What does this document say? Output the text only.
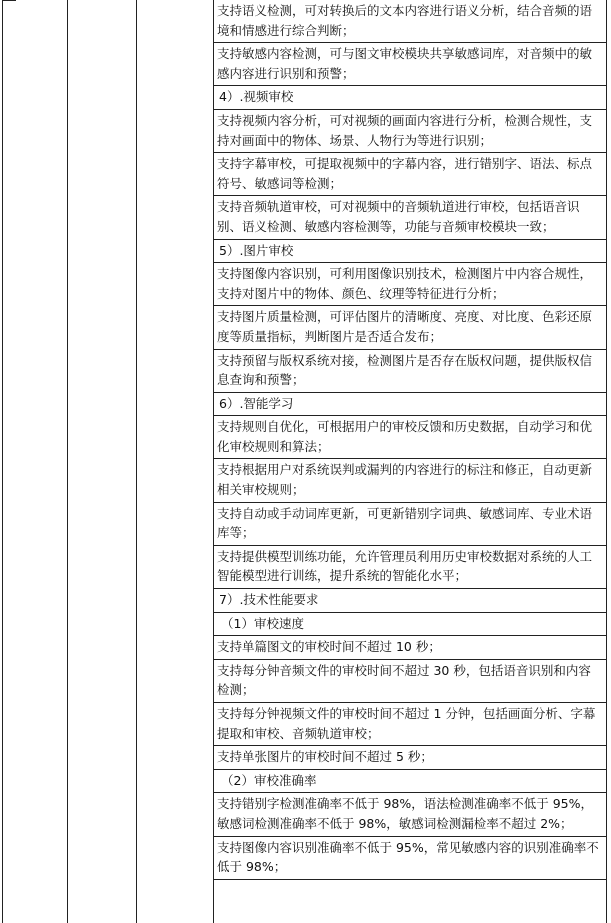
支持语义检测，可对转换后的文本内容进行语义分析，结合音频的语境和情感进行综合判断；
支持敏感内容检测，可与图文审校模块共享敏感词库，对音频中的敏感内容进行识别和预警；
4）.视频审校
支持视频内容分析，可对视频的画面内容进行分析，检测合规性，支持对画面中的物体、场景、人物行为等进行识别；
支持字幕审校，可提取视频中的字幕内容，进行错别字、语法、标点符号、敏感词等检测；
支持音频轨道审校，可对视频中的音频轨道进行审校，包括语音识别、语义检测、敏感内容检测等，功能与音频审校模块一致；
5）.图片审校
支持图像内容识别，可利用图像识别技术，检测图片中内容合规性，支持对图片中的物体、颜色、纹理等特征进行分析；
支持图片质量检测，可评估图片的清晰度、亮度、对比度、色彩还原度等质量指标，判断图片是否适合发布；
支持预留与版权系统对接，检测图片是否存在版权问题，提供版权信息查询和预警；
6）.智能学习
支持规则自优化，可根据用户的审校反馈和历史数据，自动学习和优化审校规则和算法；
支持根据用户对系统误判或漏判的内容进行的标注和修正，自动更新相关审校规则；
支持自动或手动词库更新，可更新错别字词典、敏感词库、专业术语库等；
支持提供模型训练功能，允许管理员利用历史审校数据对系统的人工智能模型进行训练，提升系统的智能化水平；
7）.技术性能要求
（1）审校速度
支持单篇图文的审校时间不超过 10 秒；
支持每分钟音频文件的审校时间不超过 30 秒，包括语音识别和内容检测；
支持每分钟视频文件的审校时间不超过 1 分钟，包括画面分析、字幕提取和审校、音频轨道审校；
支持单张图片的审校时间不超过 5 秒；
（2）审校准确率
支持错别字检测准确率不低于 98%，语法检测准确率不低于 95%，敏感词检测准确率不低于 98%，敏感词检测漏检率不超过 2%；
支持图像内容识别准确率不低于 95%，常见敏感内容的识别准确率不低于 98%；
